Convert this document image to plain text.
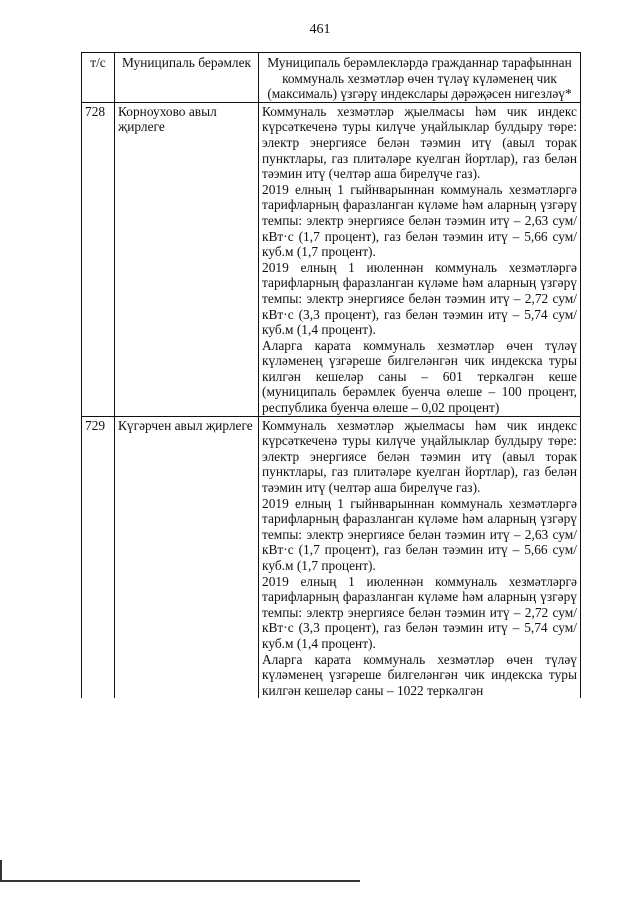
461
т/с	Муниципаль берәмлек	Муниципаль берәмлекләрдә гражданнар тарафыннан коммуналь хезмәтләр өчен түләү күләменең чик (максималь) үзгәрү индекслары дәрәҗәсен нигезләү*
728	Корноухово авыл җирлеге	Коммуналь хезмәтләр җыелмасы һәм чик индекс күрсәткеченә туры килүче уңайлыклар булдыру төре: электр энергиясе белән тәэмин итү (авыл торак пунктлары, газ плитәләре куелган йортлар), газ белән тәэмин итү (челтәр аша бирелүче газ).

2019 елның 1 гыйнварыннан коммуналь хезмәтләргә тарифларның фаразланган күләме һәм аларның үзгәрү темпы: электр энергиясе белән тәэмин итү – 2,63 сум/кВт·с (1,7 процент), газ белән тәэмин итү – 5,66 сум/куб.м (1,7 процент).

2019 елның 1 июленнән коммуналь хезмәтләргә тарифларның фаразланган күләме һәм аларның үзгәрү темпы: электр энергиясе белән тәэмин итү – 2,72 сум/кВт·с (3,3 процент), газ белән тәэмин итү – 5,74 сум/куб.м (1,4 процент).

Аларга карата коммуналь хезмәтләр өчен түләү күләменең үзгәреше билгеләнгән чик индекска туры килгән кешеләр саны – 601 теркәлгән кеше (муниципаль берәмлек буенча өлеше – 100 процент, республика буенча өлеше – 0,02 процент)

729	Күгәрчен авыл җирлеге	Коммуналь хезмәтләр җыелмасы һәм чик индекс күрсәткеченә туры килүче уңайлыклар булдыру төре: электр энергиясе белән тәэмин итү (авыл торак пунктлары, газ плитәләре куелган йортлар), газ белән тәэмин итү (челтәр аша бирелүче газ).

2019 елның 1 гыйнварыннан коммуналь хезмәтләргә тарифларның фаразланган күләме һәм аларның үзгәрү темпы: электр энергиясе белән тәэмин итү – 2,63 сум/кВт·с (1,7 процент), газ белән тәэмин итү – 5,66 сум/куб.м (1,7 процент).

2019 елның 1 июленнән коммуналь хезмәтләргә тарифларның фаразланган күләме һәм аларның үзгәрү темпы: электр энергиясе белән тәэмин итү – 2,72 сум/кВт·с (3,3 процент), газ белән тәэмин итү – 5,74 сум/куб.м (1,4 процент).

Аларга карата коммуналь хезмәтләр өчен түләү күләменең үзгәреше билгеләнгән чик индекска туры килгән кешеләр саны – 1022 теркәлгән
